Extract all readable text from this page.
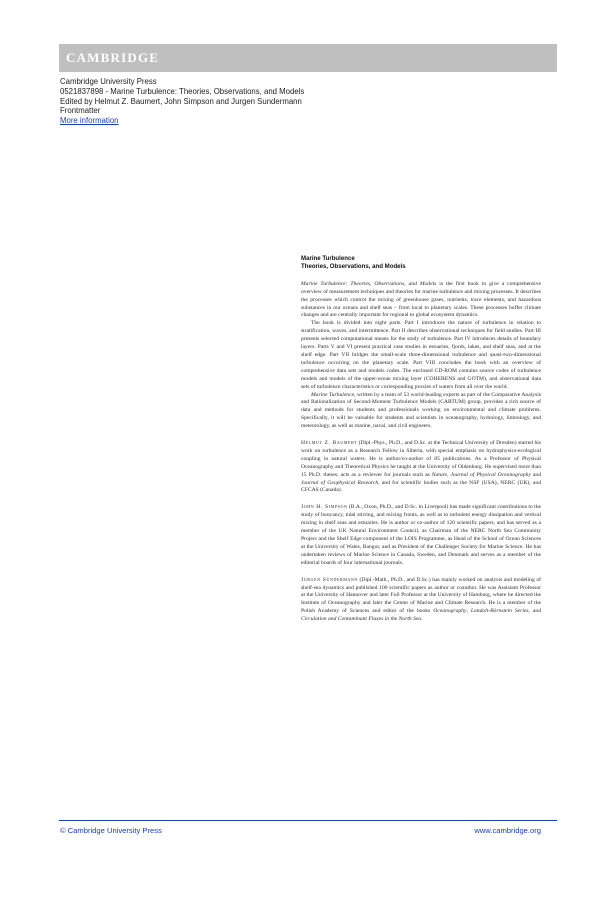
CAMBRIDGE
Cambridge University Press
0521837898 - Marine Turbulence: Theories, Observations, and Models
Edited by Helmut Z. Baumert, John Simpson and Jurgen Sundermann
Frontmatter
More information
Marine Turbulence
Theories, Observations, and Models

Marine Turbulence: Theories, Observations, and Models is the first book to give a comprehensive overview of measurement techniques and theories for marine turbulence and mixing processes. It describes the processes which control the mixing of greenhouse gases, nutrients, trace elements, and hazardous substances in our oceans and shelf seas – from local to planetary scales. These processes buffer climate changes and are centrally important for regional to global ecosystem dynamics.

The book is divided into eight parts. Part I introduces the nature of turbulence in relation to stratification, waves, and intermittence. Part II describes observational techniques for field studies. Part III presents selected computational means for the study of turbulence. Part IV introduces details of boundary layers. Parts V and VI present practical case studies in estuaries, fjords, lakes, and shelf seas, and at the shelf edge. Part VII bridges the small-scale three-dimensional turbulence and quasi-two-dimensional turbulence occurring on the planetary scale. Part VIII concludes the book with an overview of comprehensive data sets and models codes. The enclosed CD-ROM contains source codes of turbulence models and models of the upper-ocean mixing layer (COHERENS and GOTM), and observational data sets of turbulence characteristics or corresponding proxies of waters from all over the world.

Marine Turbulence, written by a team of 53 world-leading experts as part of the Comparative Analysis and Rationalization of Second-Moment Turbulence Models (CARTUM) group, provides a rich source of data and methods for students and professionals working on environmental and climate problems. Specifically, it will be valuable for students and scientists in oceanography, hydrology, limnology, and meteorology, as well as marine, naval, and civil engineers.

Helmut Z. Baumert (Dipl.-Phys., Ph.D., and D.Sc. at the Technical University of Dresden) started his work on turbulence as a Research Fellow in Siberia, with special emphasis on hydrophysics-ecological coupling in natural waters. He is author/co-author of 85 publications. As a Professor of Physical Oceanography and Theoretical Physics he taught at the University of Oldenburg. He supervised more than 15 Ph.D. theses; acts as a reviewer for journals such as Nature, Journal of Physical Oceanography and Journal of Geophysical Research, and for scientific bodies such as the NSF (USA), NERC (UK), and CFCAS (Canada).

John H. Simpson (B.A., Oxon, Ph.D., and D.Sc. in Liverpool) has made significant contributions to the study of buoyancy, tidal stirring, and mixing fronts, as well as to turbulent energy dissipation and vertical mixing in shelf seas and estuaries. He is author or co-author of 120 scientific papers, and has served as a member of the UK Natural Environment Council, as Chairman of the NERC North Sea Community Project and the Shelf Edge component of the LOIS Programme, as Head of the School of Ocean Sciences at the University of Wales, Bangor, and as President of the Challenger Society for Marine Science. He has undertaken reviews of Marine Science in Canada, Sweden, and Denmark and serves as a member of the editorial boards of four international journals.

Jürgen Sündermann (Dipl.-Math., Ph.D., and D.Sc.) has mainly worked on analysis and modeling of shelf-sea dynamics and published 100 scientific papers as author or coauthor. He was Assistant Professor at the University of Hannover and later Full Professor at the University of Hamburg, where he directed the Institute of Oceanography and later the Center of Marine and Climate Research. He is a member of the Polish Academy of Sciences and editor of the books Oceanography, Landolt-Börnstein Series, and Circulation and Contaminant Fluxes in the North Sea.

© Cambridge University Press	www.cambridge.org
